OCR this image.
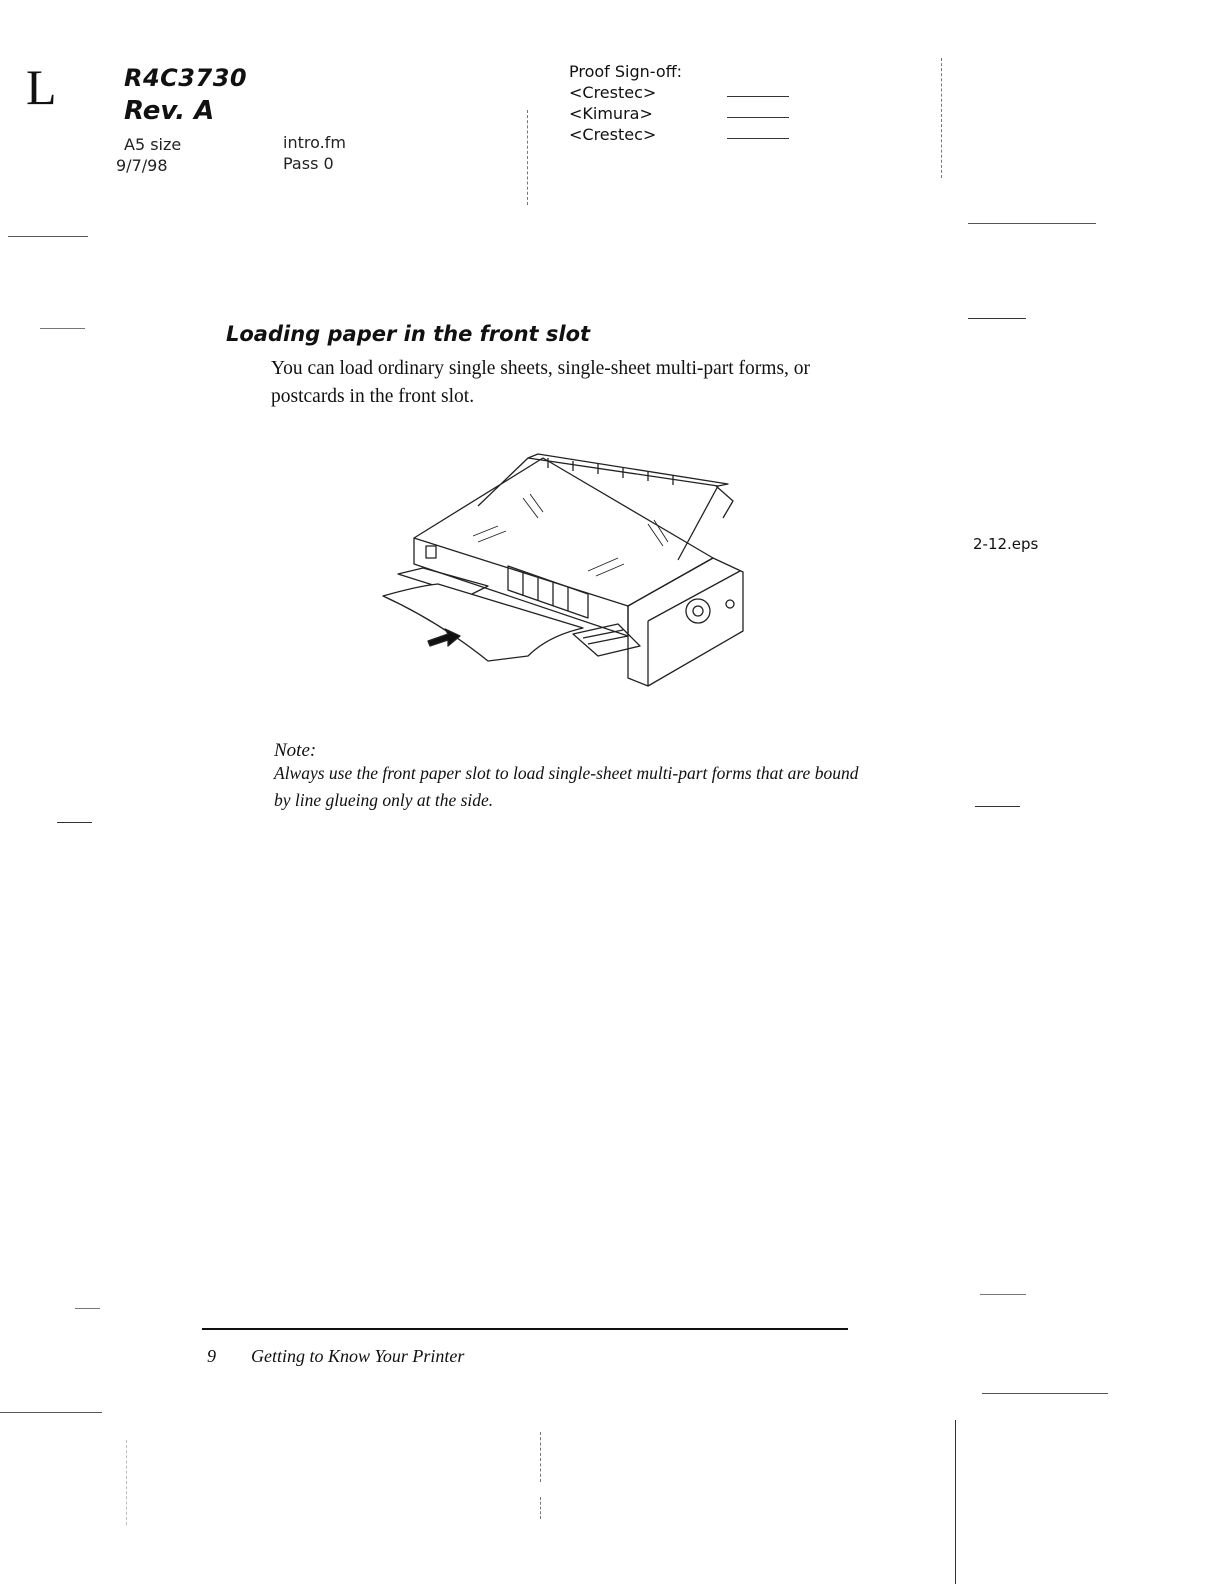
L	R4C3730
Rev. A
A5 size
9/7/98
intro.fm
Pass 0
Proof Sign-off:
<Crestec>
<Kimura>
<Crestec>
Loading paper in the front slot
You can load ordinary single sheets, single-sheet multi-part forms, or postcards in the front slot.
2-12.eps
Note:
Always use the front paper slot to load single-sheet multi-part forms that are bound by line glueing only at the side.
9 Getting to Know Your Printer
